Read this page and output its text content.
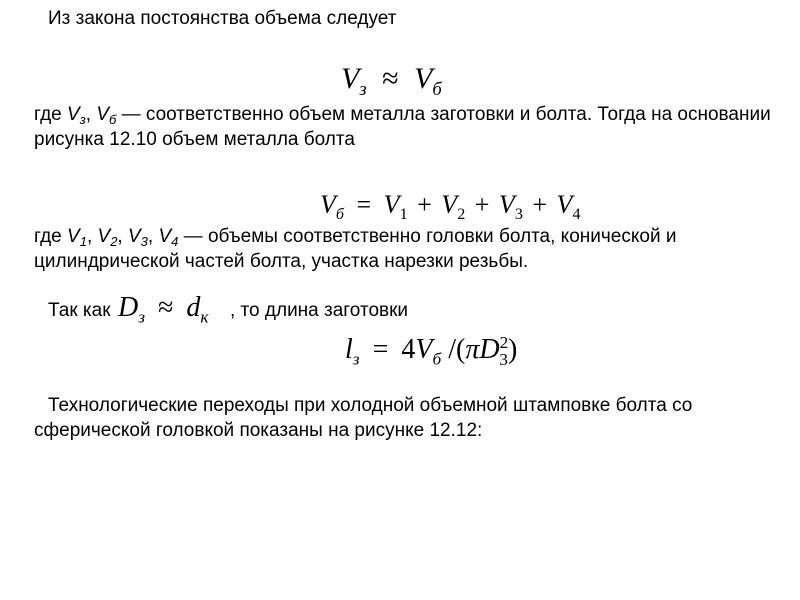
Из закона постоянства объема следует
$V_з \approx V_б$
где $V_з$, $V_б$ — соответственно объем металла заготовки и болта. Тогда на основании
рисунка 12.10 объем металла болта
$V_б = V_1 + V_2 + V_3 + V_4$
где $V_1$, $V_2$, $V_3$, $V_4$ — объемы соответственно головки болта, конической и
цилиндрической частей болта, участка нарезки резьбы.
Так как $D_з \approx d_к$ , то длина заготовки
$l_з = 4V_б$ $/(\pi D^2_3)$
Технологические переходы при холодной объемной штамповке болта со
сферической головкой показаны на рисунке 12.12:
